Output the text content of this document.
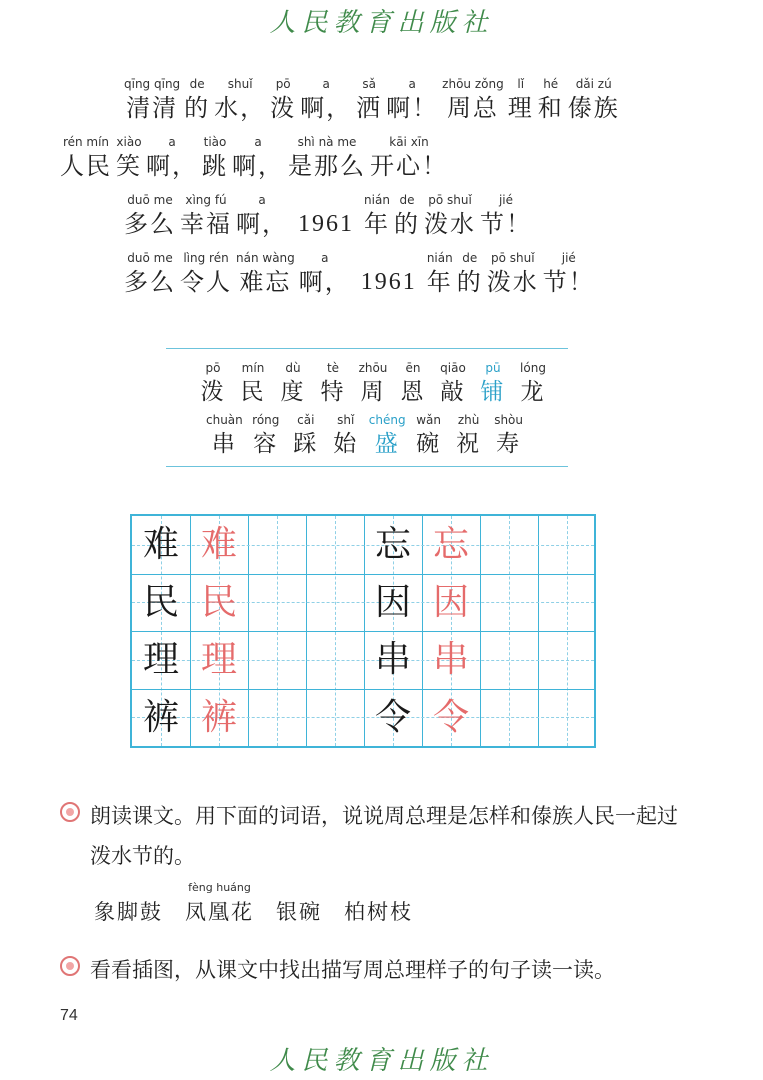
人民教育出版社
qīng qīng
清清
de
的
shuǐ
水，
pō
泼
a
啊，
sǎ
洒
a
啊！
zhōu zǒng
周总
lǐ
理
hé
和
dǎi zú
傣族
rén mín
人民
xiào
笑
a
啊，
tiào
跳
a
啊，
shì nà me
是那么
kāi xīn
开心！
duō me
多么
xìng fú
幸福
a
啊， 1961
nián
年
de
的
pō shuǐ
泼水
jié
节！
duō me
多么
lìng rén
令人
nán wàng
难忘
a
啊， 1961
nián
年
de
的
pō shuǐ
泼水
jié
节！
pō
泼
mín
民
dù
度
tè
特
zhōu
周
ēn
恩
qiāo
敲
pū
铺
lóng
龙
chuàn
串
róng
容
cǎi
踩
shǐ
始
chéng
盛
wǎn
碗
zhù
祝
shòu
寿
难 难
民 民
理 理
裤 裤
忘 忘
因 因
串 串
令 令
朗读课文。用下面的词语，说说周总理是怎样和傣族人民一起过泼水节的。
象脚鼓
fèng huáng
凤凰花 银碗 柏树枝
看看插图，从课文中找出描写周总理样子的句子读一读。
74
人民教育出版社
